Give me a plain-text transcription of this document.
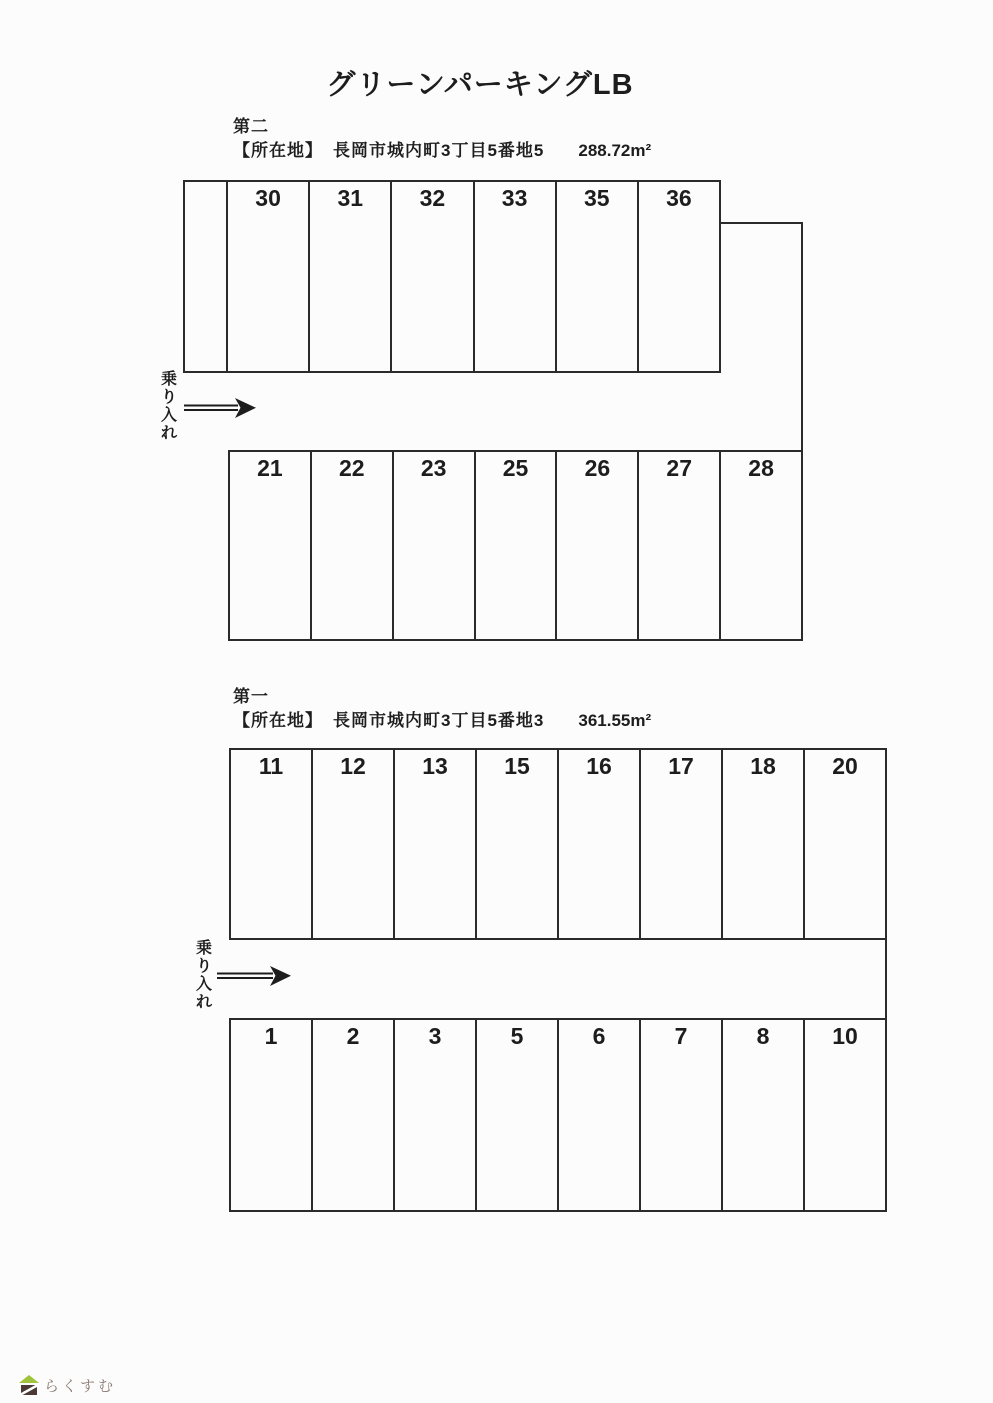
グリーンパーキングLB
第二
【所在地】 長岡市城内町3丁目5番地5 288.72m²
30	31	32	33	35	36
乗
り
入
れ
21	22	23	25	26	27	28
第一
【所在地】 長岡市城内町3丁目5番地3 361.55m²
11	12	13	15	16	17	18	20
乗
り
入
れ
1	2	3	5	6	7	8	10
らくすむ
